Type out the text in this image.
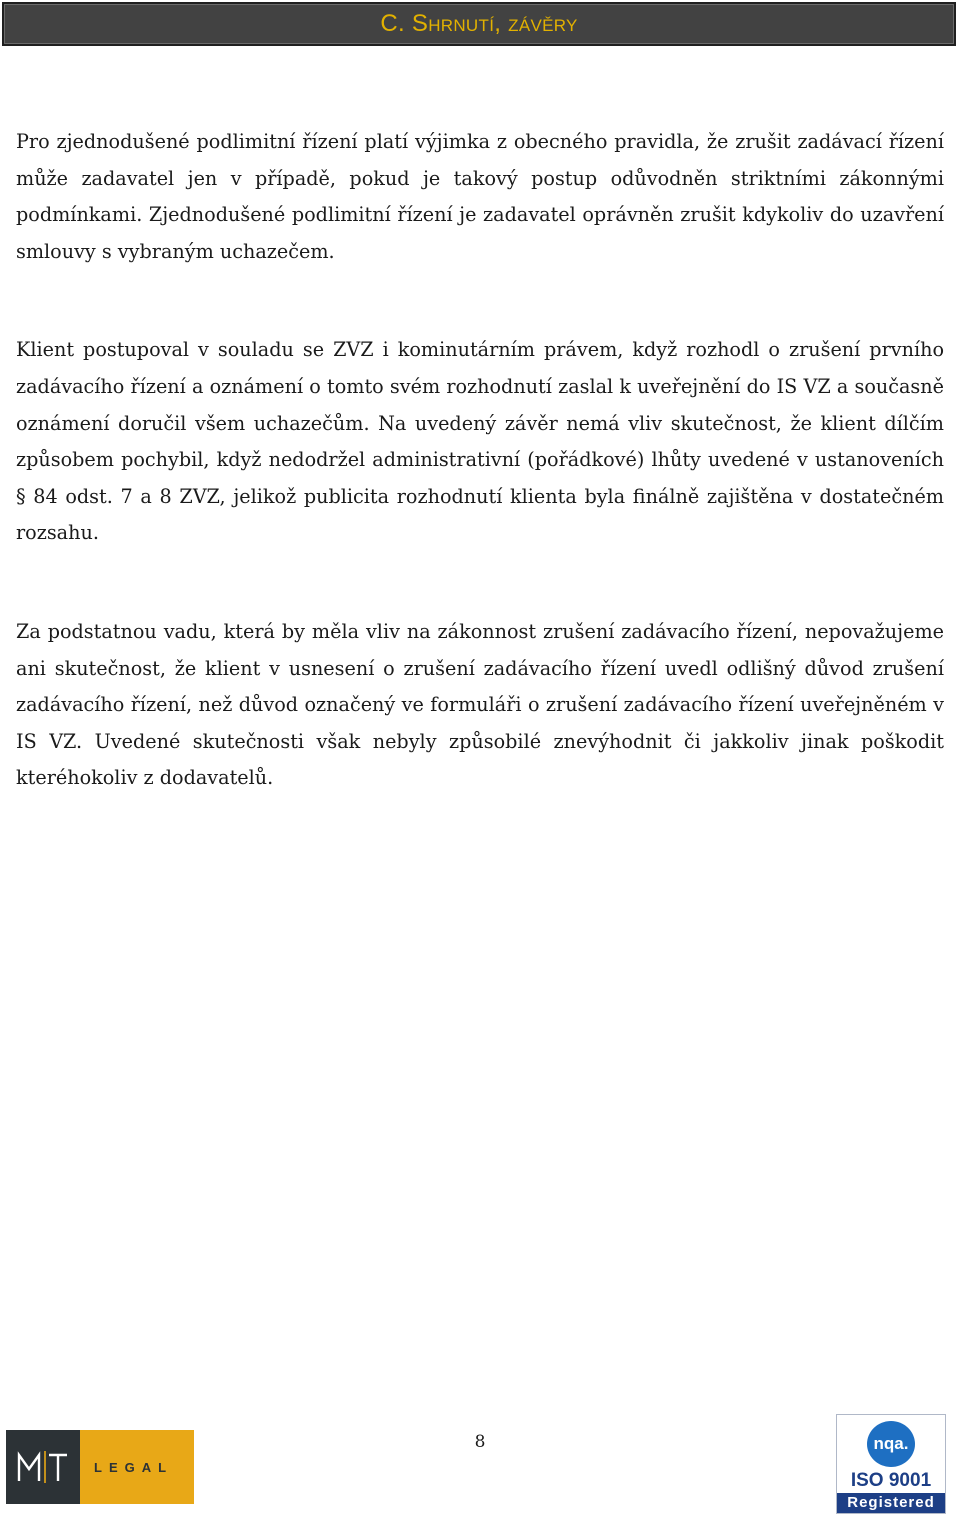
C. Shrnutí, závěry

Pro zjednodušené podlimitní řízení platí výjimka z obecného pravidla, že zrušit zadávací řízení může zadavatel jen v případě, pokud je takový postup odůvodněn striktními zákonnými podmínkami. Zjednodušené podlimitní řízení je zadavatel oprávněn zrušit kdykoliv do uzavření smlouvy s vybraným uchazečem.

Klient postupoval v souladu se ZVZ i kominutárním právem, když rozhodl o zrušení prvního zadávacího řízení a oznámení o tomto svém rozhodnutí zaslal k uveřejnění do IS VZ a současně oznámení doručil všem uchazečům. Na uvedený závěr nemá vliv skutečnost, že klient dílčím způsobem pochybil, když nedodržel administrativní (pořádkové) lhůty uvedené v ustanoveních § 84 odst. 7 a 8 ZVZ, jelikož publicita rozhodnutí klienta byla finálně zajištěna v dostatečném rozsahu.

Za podstatnou vadu, která by měla vliv na zákonnost zrušení zadávacího řízení, nepovažujeme ani skutečnost, že klient v usnesení o zrušení zadávacího řízení uvedl odlišný důvod zrušení zadávacího řízení, než důvod označený ve formuláři o zrušení zadávacího řízení uveřejněném v IS VZ. Uvedené skutečnosti však nebyly způsobilé znevýhodnit či jakkoliv jinak poškodit kteréhokoliv z dodavatelů.

LEGAL
8	nqa.
ISO 9001
Registered
